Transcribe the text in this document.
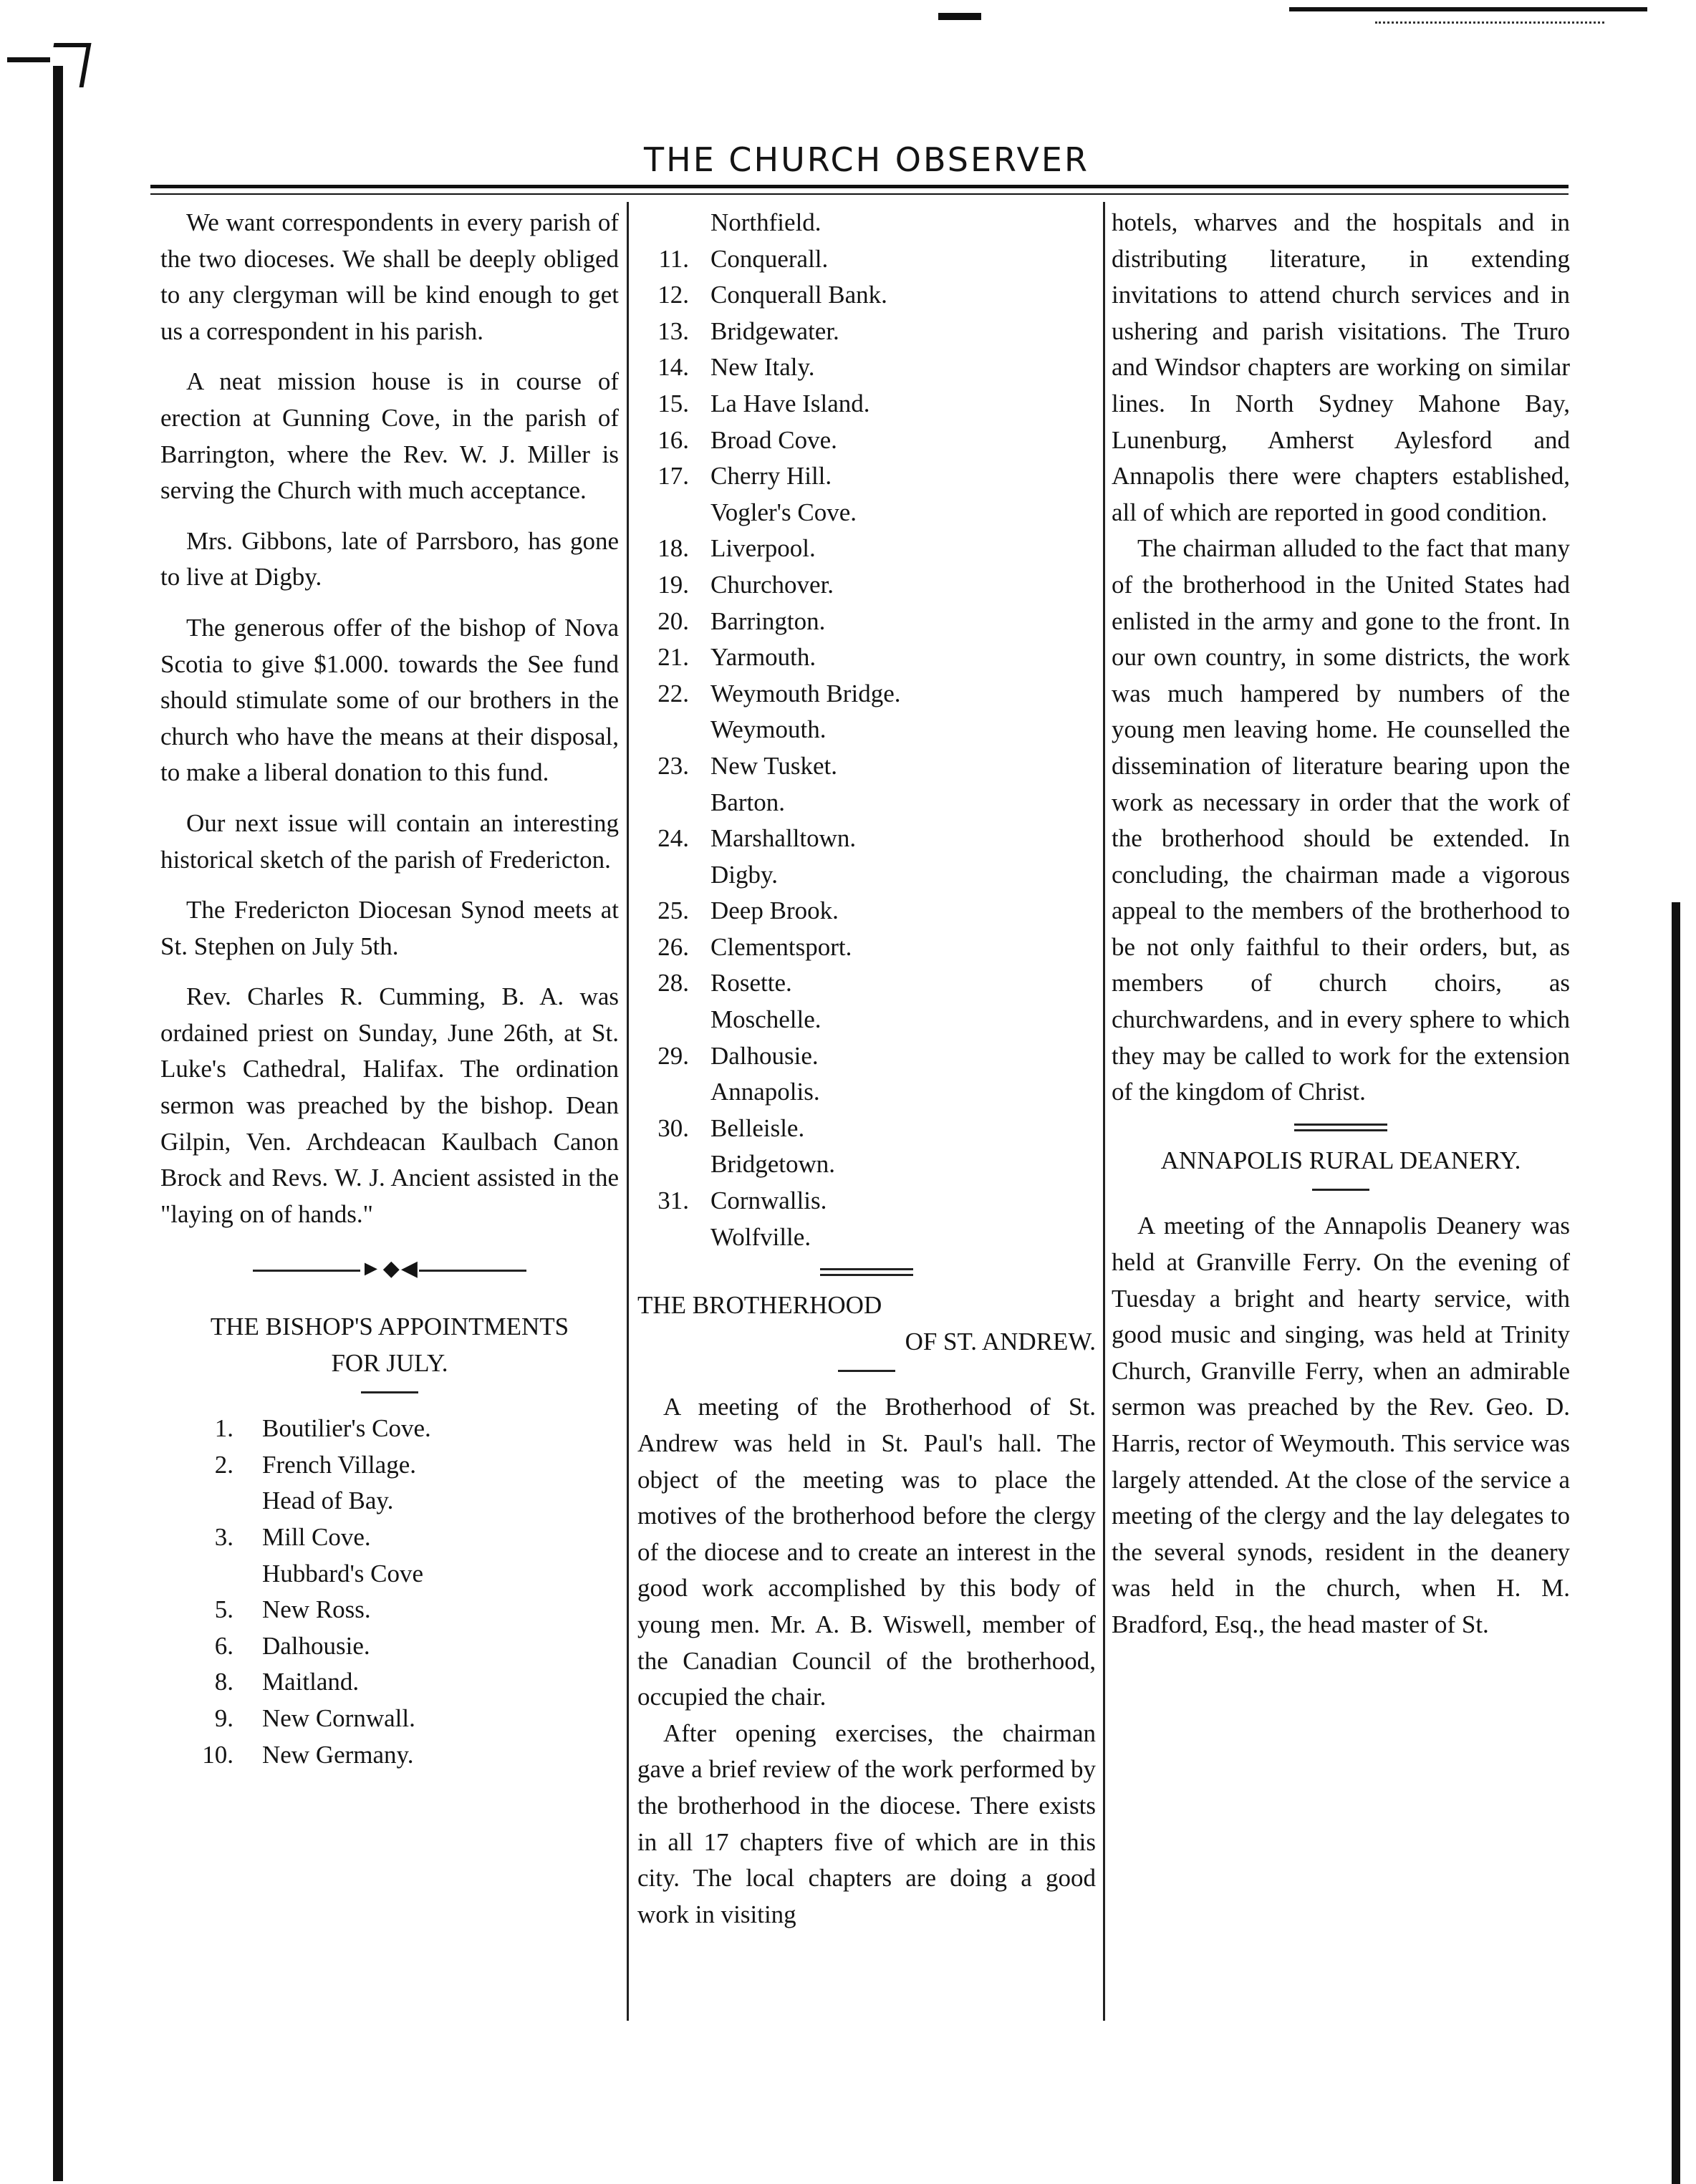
THE CHURCH OBSERVER

We want correspondents in every parish of the two dioceses. We shall be deeply obliged to any clergyman will be kind enough to get us a correspondent in his parish.

A neat mission house is in course of erection at Gunning Cove, in the parish of Barrington, where the Rev. W. J. Miller is serving the Church with much acceptance.

Mrs. Gibbons, late of Parrsboro, has gone to live at Digby.

The generous offer of the bishop of Nova Scotia to give $1.000. towards the See fund should stimulate some of our brothers in the church who have the means at their disposal, to make a liberal donation to this fund.

Our next issue will contain an interesting historical sketch of the parish of Fredericton.

The Fredericton Diocesan Synod meets at St. Stephen on July 5th.

Rev. Charles R. Cumming, B. A. was ordained priest on Sunday, June 26th, at St. Luke's Cathedral, Halifax. The ordination sermon was preached by the bishop. Dean Gilpin, Ven. Archdeacan Kaulbach Canon Brock and Revs. W. J. Ancient assisted in the "laying on of hands."

►◆◀

THE BISHOP'S APPOINTMENTS

FOR JULY.

1.	Boutilier's Cove.
2.	French Village.
Head of Bay.
3.	Mill Cove.
Hubbard's Cove
5.	New Ross.
6.	Dalhousie.
8.	Maitland.
9.	New Cornwall.
10.	New Germany.
Northfield.
11. Conquerall.
12. Conquerall Bank.
13. Bridgewater.
14. New Italy.
15. La Have Island.
16. Broad Cove.
17. Cherry Hill.
Vogler's Cove.
18. Liverpool.
19. Churchover.
20. Barrington.
21. Yarmouth.
22. Weymouth Bridge.
Weymouth.
23. New Tusket.
Barton.
24. Marshalltown.
Digby.
25. Deep Brook.
26. Clementsport.
28. Rosette.
Moschelle.
29. Dalhousie.
Annapolis.
30. Belleisle.
Bridgetown.
31. Cornwallis.
Wolfville.

THE BROTHERHOOD

OF ST. ANDREW.

A meeting of the Brotherhood of St. Andrew was held in St. Paul's hall. The object of the meeting was to place the motives of the brotherhood before the clergy of the diocese and to create an interest in the good work accomplished by this body of young men. Mr. A. B. Wiswell, member of the Canadian Council of the brotherhood, occupied the chair.

After opening exercises, the chairman gave a brief review of the work performed by the brotherhood in the diocese. There exists in all 17 chapters five of which are in this city. The local chapters are doing a good work in visiting

hotels, wharves and the hospitals and in distributing literature, in extending invitations to attend church services and in ushering and parish visitations. The Truro and Windsor chapters are working on similar lines. In North Sydney Mahone Bay, Lunenburg, Amherst Aylesford and Annapolis there were chapters established, all of which are reported in good condition.

The chairman alluded to the fact that many of the brotherhood in the United States had enlisted in the army and gone to the front. In our own country, in some districts, the work was much hampered by numbers of the young men leaving home. He counselled the dissemination of literature bearing upon the work as necessary in order that the work of the brotherhood should be extended. In concluding, the chairman made a vigorous appeal to the members of the brotherhood to be not only faithful to their orders, but, as members of church choirs, as churchwardens, and in every sphere to which they may be called to work for the extension of the kingdom of Christ.

ANNAPOLIS RURAL DEANERY.

A meeting of the Annapolis Deanery was held at Granville Ferry. On the evening of Tuesday a bright and hearty service, with good music and singing, was held at Trinity Church, Granville Ferry, when an admirable sermon was preached by the Rev. Geo. D. Harris, rector of Weymouth. This service was largely attended. At the close of the service a meeting of the clergy and the lay delegates to the several synods, resident in the deanery was held in the church, when H. M. Bradford, Esq., the head master of St.
